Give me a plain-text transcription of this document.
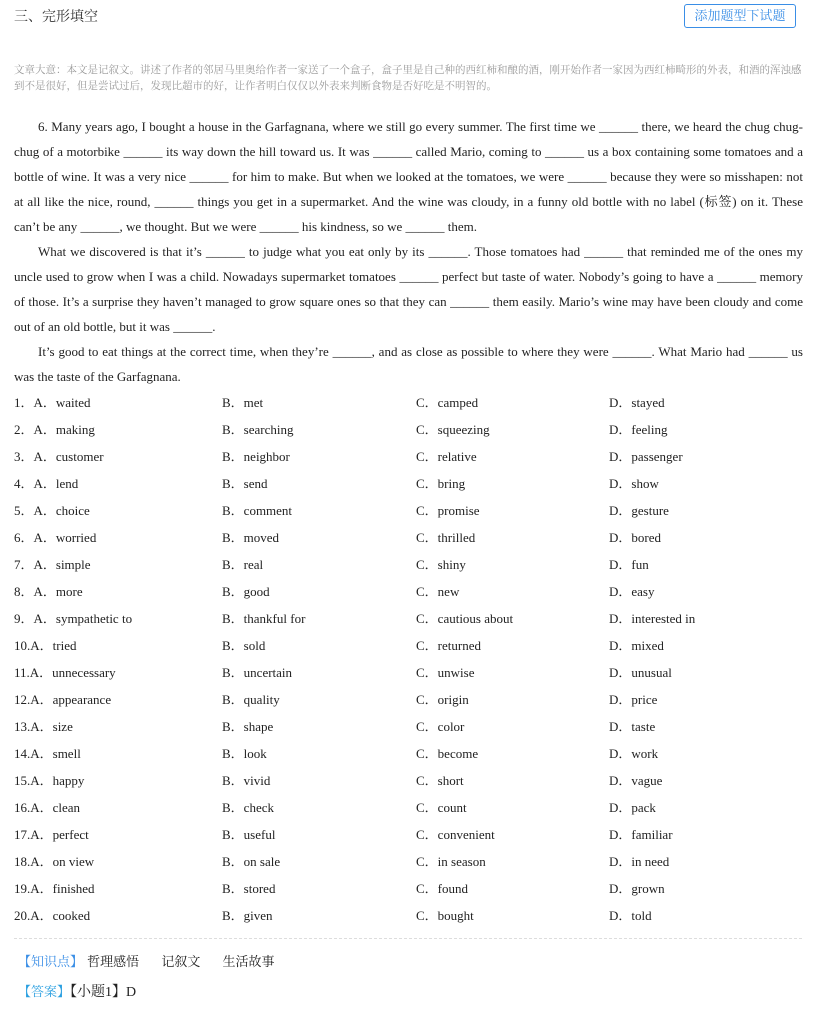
三、完形填空	添加题型下试题
文章大意：本文是记叙文。讲述了作者的邻居马里奥给作者一家送了一个盒子，盒子里是自己种的西红柿和酿的酒，刚开始作者一家因为西红柿畸形的外表，和酒的浑浊感到不是很好，但是尝试过后，发现比超市的好，让作者明白仅仅以外表来判断食物是否好吃是不明智的。

6. Many years ago, I bought a house in the Garfagnana, where we still go every summer. The first time we ______ there, we heard the chug chug-chug of a motorbike ______ its way down the hill toward us. It was ______ called Mario, coming to ______ us a box containing some tomatoes and a bottle of wine. It was a very nice ______ for him to make. But when we looked at the tomatoes, we were ______ because they were so misshapen: not at all like the nice, round, ______ things you get in a supermarket. And the wine was cloudy, in a funny old bottle with no label (标签) on it. These can’t be any ______, we thought. But we were ______ his kindness, so we ______ them.

What we discovered is that it’s ______ to judge what you eat only by its ______. Those tomatoes had ______ that reminded me of the ones my uncle used to grow when I was a child. Nowadays supermarket tomatoes ______ perfect but taste of water. Nobody’s going to have a ______ memory of those. It’s a surprise they haven’t managed to grow square ones so that they can ______ them easily. Mario’s wine may have been cloudy and come out of an old bottle, but it was ______.

It’s good to eat things at the correct time, when they’re ______, and as close as possible to where they were ______. What Mario had ______ us was the taste of the Garfagnana.

1．A．waited	B．met	C．camped	D．stayed
2．A．making	B．searching	C．squeezing	D．feeling
3．A．customer	B．neighbor	C．relative	D．passenger
4．A．lend	B．send	C．bring	D．show
5．A．choice	B．comment	C．promise	D．gesture
6．A．worried	B．moved	C．thrilled	D．bored
7．A．simple	B．real	C．shiny	D．fun
8．A．more	B．good	C．new	D．easy
9．A．sympathetic to	B．thankful for	C．cautious about	D．interested in
10.A．tried	B．sold	C．returned	D．mixed
11.A．unnecessary	B．uncertain	C．unwise	D．unusual
12.A．appearance	B．quality	C．origin	D．price
13.A．size	B．shape	C．color	D．taste
14.A．smell	B．look	C．become	D．work
15.A．happy	B．vivid	C．short	D．vague
16.A．clean	B．check	C．count	D．pack
17.A．perfect	B．useful	C．convenient	D．familiar
18.A．on view	B．on sale	C．in season	D．in need
19.A．finished	B．stored	C．found	D．grown
20.A．cooked	B．given	C．bought	D．told
【知识点】 哲理感悟 记叙文 生活故事
【答案】【小题1】D
